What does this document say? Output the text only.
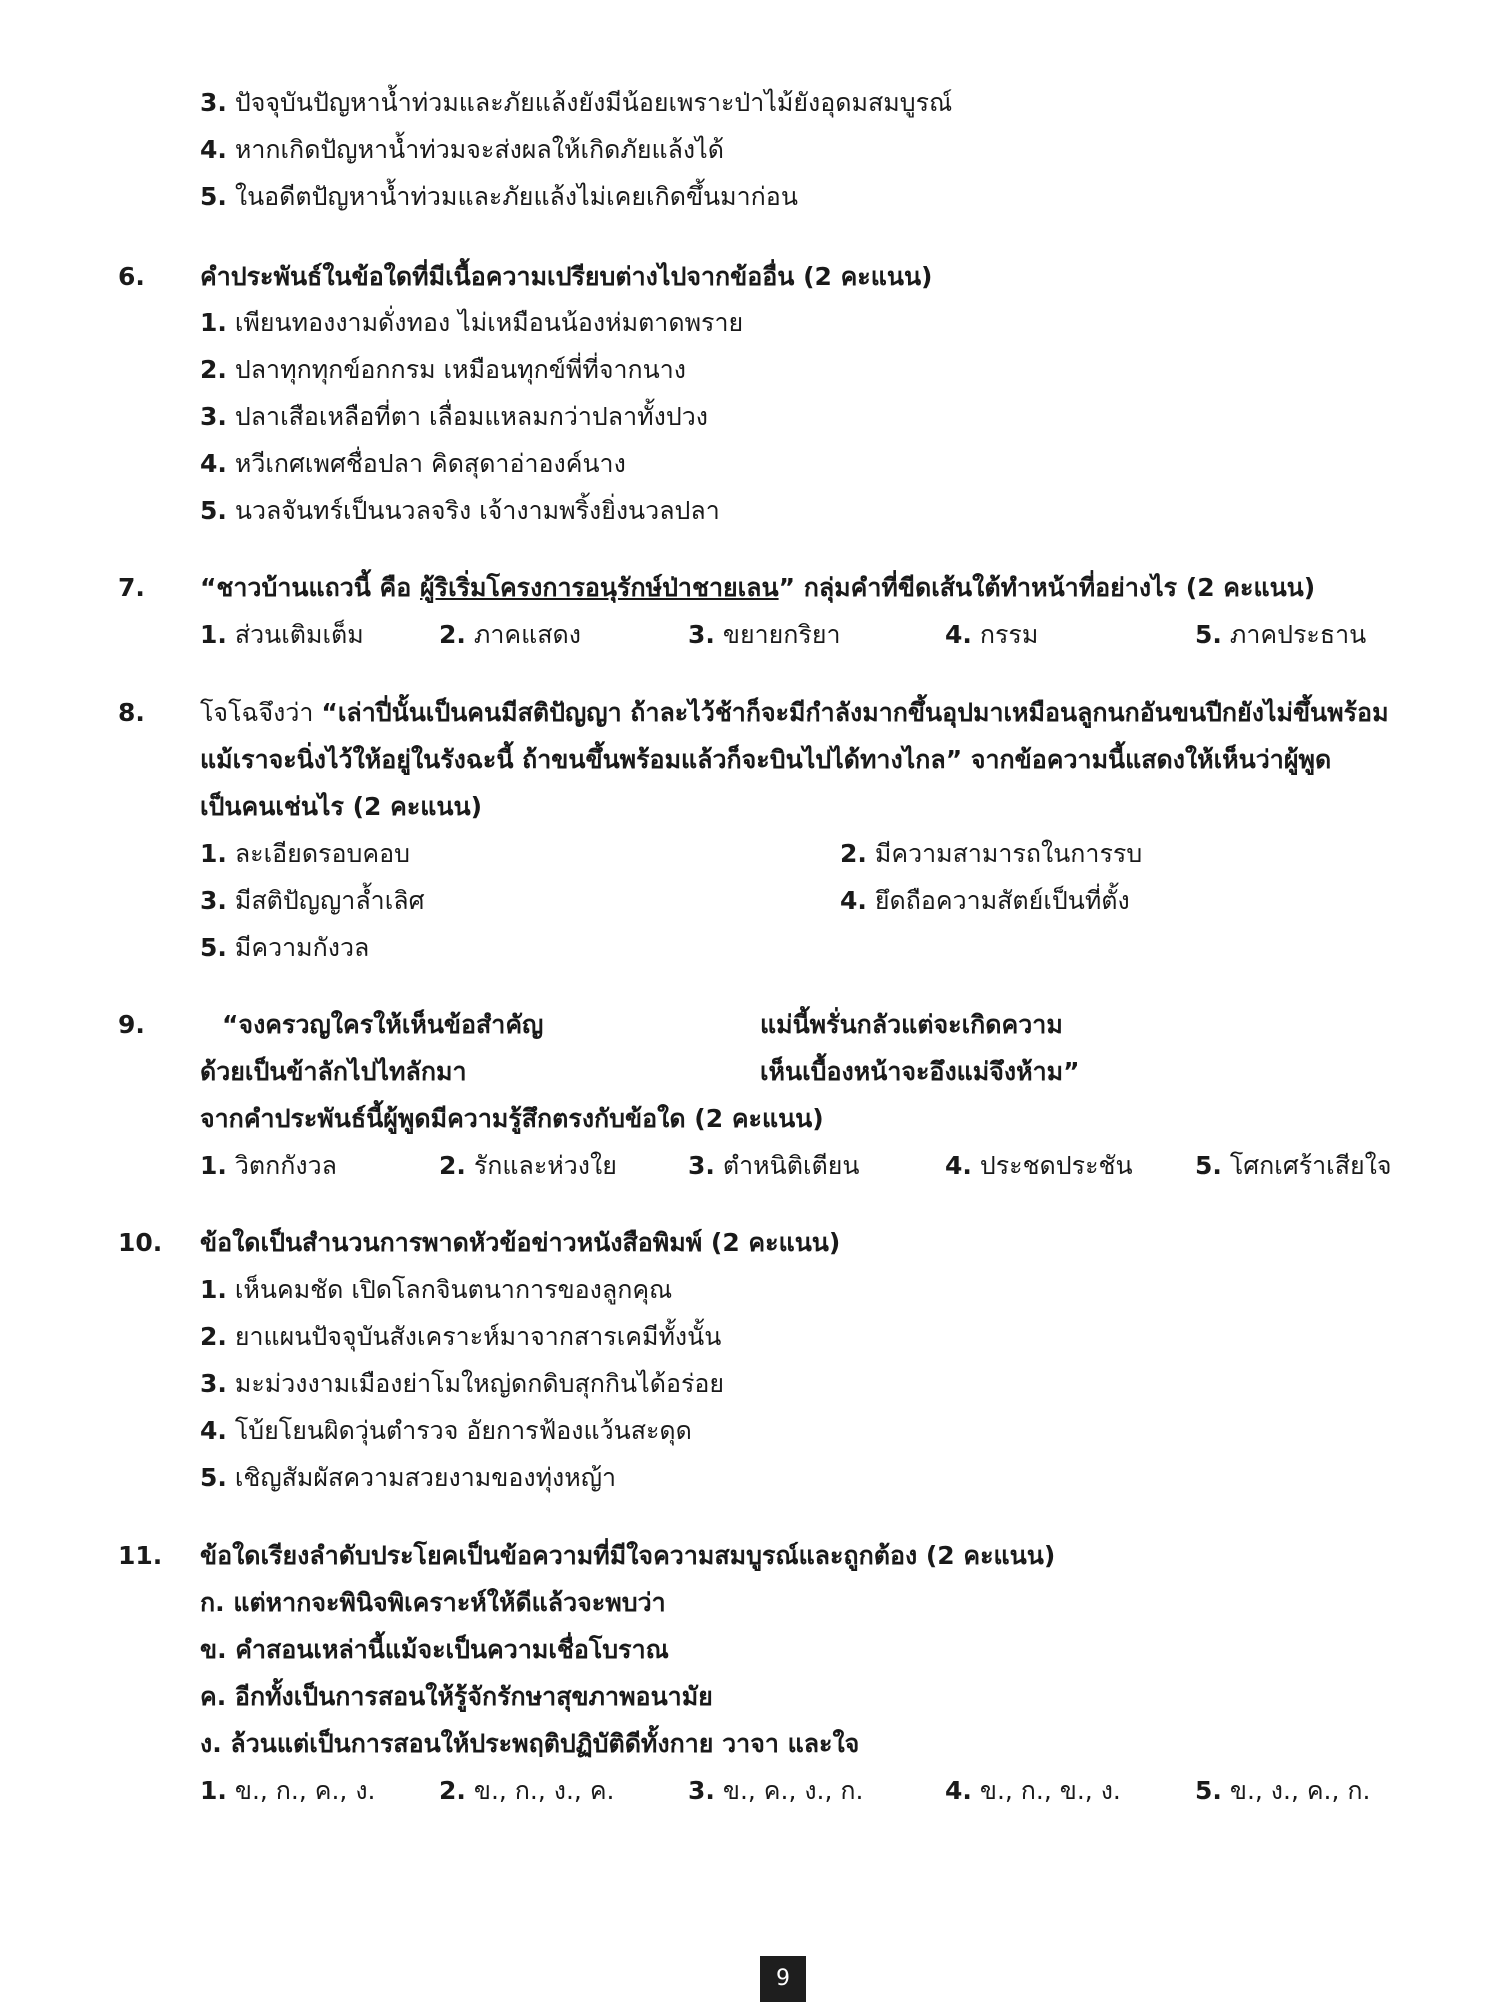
3. ปัจจุบันปัญหาน้ำท่วมและภัยแล้งยังมีน้อยเพราะป่าไม้ยังอุดมสมบูรณ์
4. หากเกิดปัญหาน้ำท่วมจะส่งผลให้เกิดภัยแล้งได้
5. ในอดีตปัญหาน้ำท่วมและภัยแล้งไม่เคยเกิดขึ้นมาก่อน
6. คำประพันธ์ในข้อใดที่มีเนื้อความเปรียบต่างไปจากข้ออื่น (2 คะแนน)
1. เพียนทองงามดั่งทอง ไม่เหมือนน้องห่มตาดพราย
2. ปลาทุกทุกข์อกกรม เหมือนทุกข์พี่ที่จากนาง
3. ปลาเสือเหลือที่ตา เลื่อมแหลมกว่าปลาทั้งปวง
4. หวีเกศเพศชื่อปลา คิดสุดาอ่าองค์นาง
5. นวลจันทร์เป็นนวลจริง เจ้างามพริ้งยิ่งนวลปลา
7. “ชาวบ้านแถวนี้ คือ ผู้ริเริ่มโครงการอนุรักษ์ป่าชายเลน” กลุ่มคำที่ขีดเส้นใต้ทำหน้าที่อย่างไร (2 คะแนน)
1. ส่วนเติมเต็ม	2. ภาคแสดง	3. ขยายกริยา	4. กรรม	5. ภาคประธาน
8. โจโฉจึงว่า “เล่าปี่นั้นเป็นคนมีสติปัญญา ถ้าละไว้ช้าก็จะมีกำลังมากขึ้นอุปมาเหมือนลูกนกอันขนปีกยังไม่ขึ้นพร้อม
แม้เราจะนิ่งไว้ให้อยู่ในรังฉะนี้ ถ้าขนขึ้นพร้อมแล้วก็จะบินไปได้ทางไกล” จากข้อความนี้แสดงให้เห็นว่าผู้พูด
เป็นคนเช่นไร (2 คะแนน)
1. ละเอียดรอบคอบ	2. มีความสามารถในการรบ
3. มีสติปัญญาล้ำเลิศ	4. ยึดถือความสัตย์เป็นที่ตั้ง
5. มีความกังวล
9.	“จงครวญใครให้เห็นข้อสำคัญ	แม่นี้พรั่นกลัวแต่จะเกิดความ
ด้วยเป็นข้าลักไปไทลักมา	เห็นเบื้องหน้าจะอึงแม่จึงห้าม”
จากคำประพันธ์นี้ผู้พูดมีความรู้สึกตรงกับข้อใด (2 คะแนน)
1. วิตกกังวล	2. รักและห่วงใย	3. ตำหนิติเตียน	4. ประชดประชัน 5. โศกเศร้าเสียใจ
10. ข้อใดเป็นสำนวนการพาดหัวข้อข่าวหนังสือพิมพ์ (2 คะแนน)
1. เห็นคมชัด เปิดโลกจินตนาการของลูกคุณ
2. ยาแผนปัจจุบันสังเคราะห์มาจากสารเคมีทั้งนั้น
3. มะม่วงงามเมืองย่าโมใหญ่ดกดิบสุกกินได้อร่อย
4. โบ้ยโยนผิดวุ่นตำรวจ อัยการฟ้องแว้นสะดุด
5. เชิญสัมผัสความสวยงามของทุ่งหญ้า
11. ข้อใดเรียงลำดับประโยคเป็นข้อความที่มีใจความสมบูรณ์และถูกต้อง (2 คะแนน)
ก. แต่หากจะพินิจพิเคราะห์ให้ดีแล้วจะพบว่า
ข. คำสอนเหล่านี้แม้จะเป็นความเชื่อโบราณ
ค. อีกทั้งเป็นการสอนให้รู้จักรักษาสุขภาพอนามัย
ง. ล้วนแต่เป็นการสอนให้ประพฤติปฏิบัติดีทั้งกาย วาจา และใจ
1. ข., ก., ค., ง.	2. ข., ก., ง., ค.	3. ข., ค., ง., ก.	4. ข., ก., ข., ง.	5. ข., ง., ค., ก.
9
